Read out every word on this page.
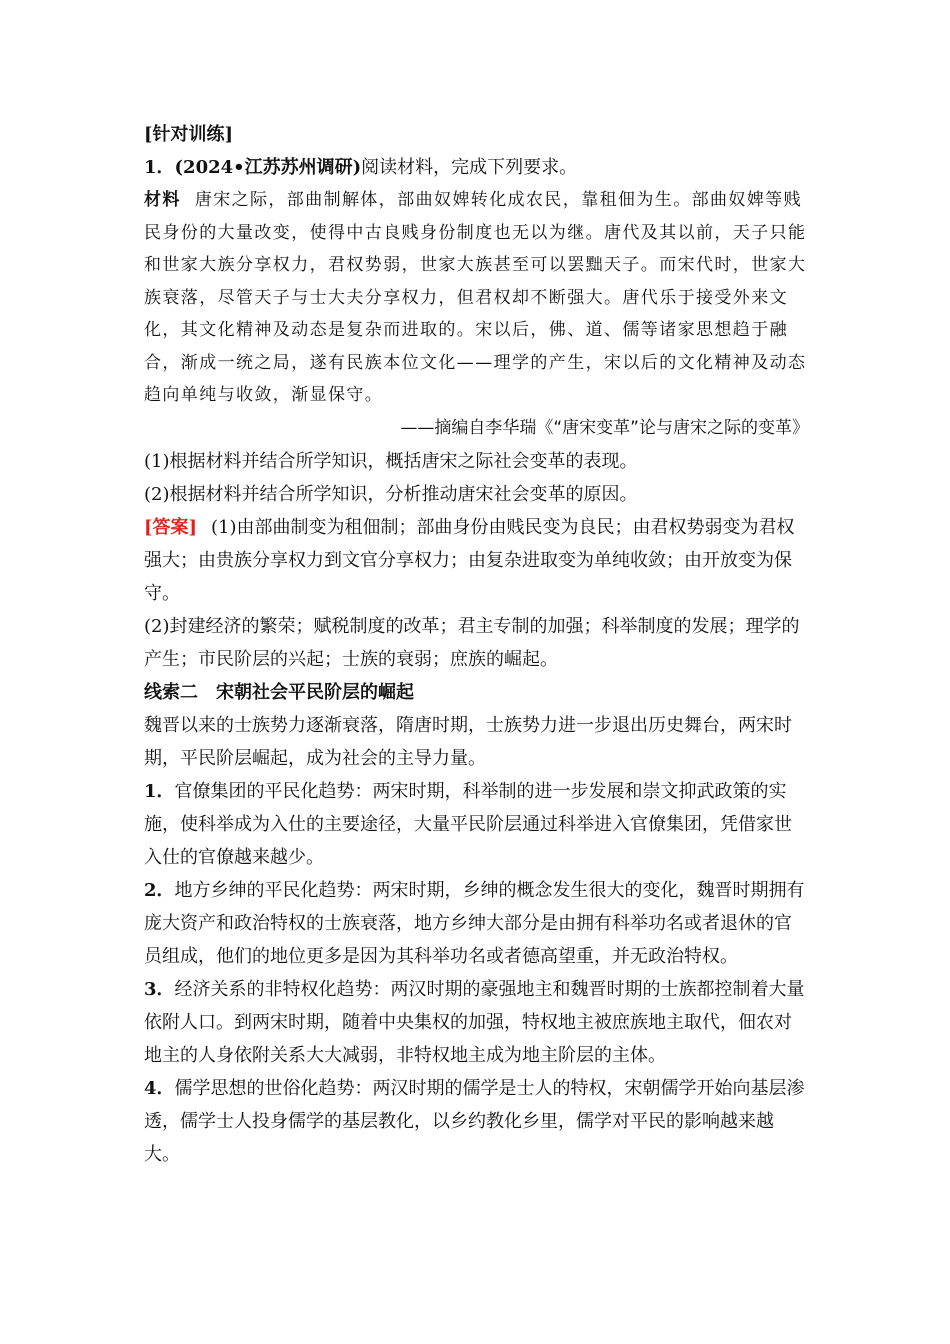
[针对训练]

1．(2024•江苏苏州调研)阅读材料，完成下列要求。

材料 唐宋之际，部曲制解体，部曲奴婢转化成农民，靠租佃为生。部曲奴婢等贱民身份的大量改变，使得中古良贱身份制度也无以为继。唐代及其以前，天子只能和世家大族分享权力，君权势弱，世家大族甚至可以罢黜天子。而宋代时，世家大族衰落，尽管天子与士大夫分享权力，但君权却不断强大。唐代乐于接受外来文化，其文化精神及动态是复杂而进取的。宋以后，佛、道、儒等诸家思想趋于融合，渐成一统之局，遂有民族本位文化——理学的产生，宋以后的文化精神及动态趋向单纯与收敛，渐显保守。

——摘编自李华瑞《“唐宋变革”论与唐宋之际的变革》

(1)根据材料并结合所学知识，概括唐宋之际社会变革的表现。

(2)根据材料并结合所学知识，分析推动唐宋社会变革的原因。

[答案] (1)由部曲制变为租佃制；部曲身份由贱民变为良民；由君权势弱变为君权强大；由贵族分享权力到文官分享权力；由复杂进取变为单纯收敛；由开放变为保守。

(2)封建经济的繁荣；赋税制度的改革；君主专制的加强；科举制度的发展；理学的产生；市民阶层的兴起；士族的衰弱；庶族的崛起。

线索二　宋朝社会平民阶层的崛起

魏晋以来的士族势力逐渐衰落，隋唐时期，士族势力进一步退出历史舞台，两宋时期，平民阶层崛起，成为社会的主导力量。

1．官僚集团的平民化趋势：两宋时期，科举制的进一步发展和崇文抑武政策的实施，使科举成为入仕的主要途径，大量平民阶层通过科举进入官僚集团，凭借家世入仕的官僚越来越少。

2．地方乡绅的平民化趋势：两宋时期，乡绅的概念发生很大的变化，魏晋时期拥有庞大资产和政治特权的士族衰落，地方乡绅大部分是由拥有科举功名或者退休的官员组成，他们的地位更多是因为其科举功名或者德高望重，并无政治特权。

3．经济关系的非特权化趋势：两汉时期的豪强地主和魏晋时期的士族都控制着大量依附人口。到两宋时期，随着中央集权的加强，特权地主被庶族地主取代，佃农对地主的人身依附关系大大减弱，非特权地主成为地主阶层的主体。

4．儒学思想的世俗化趋势：两汉时期的儒学是士人的特权，宋朝儒学开始向基层渗透，儒学士人投身儒学的基层教化，以乡约教化乡里，儒学对平民的影响越来越大。
